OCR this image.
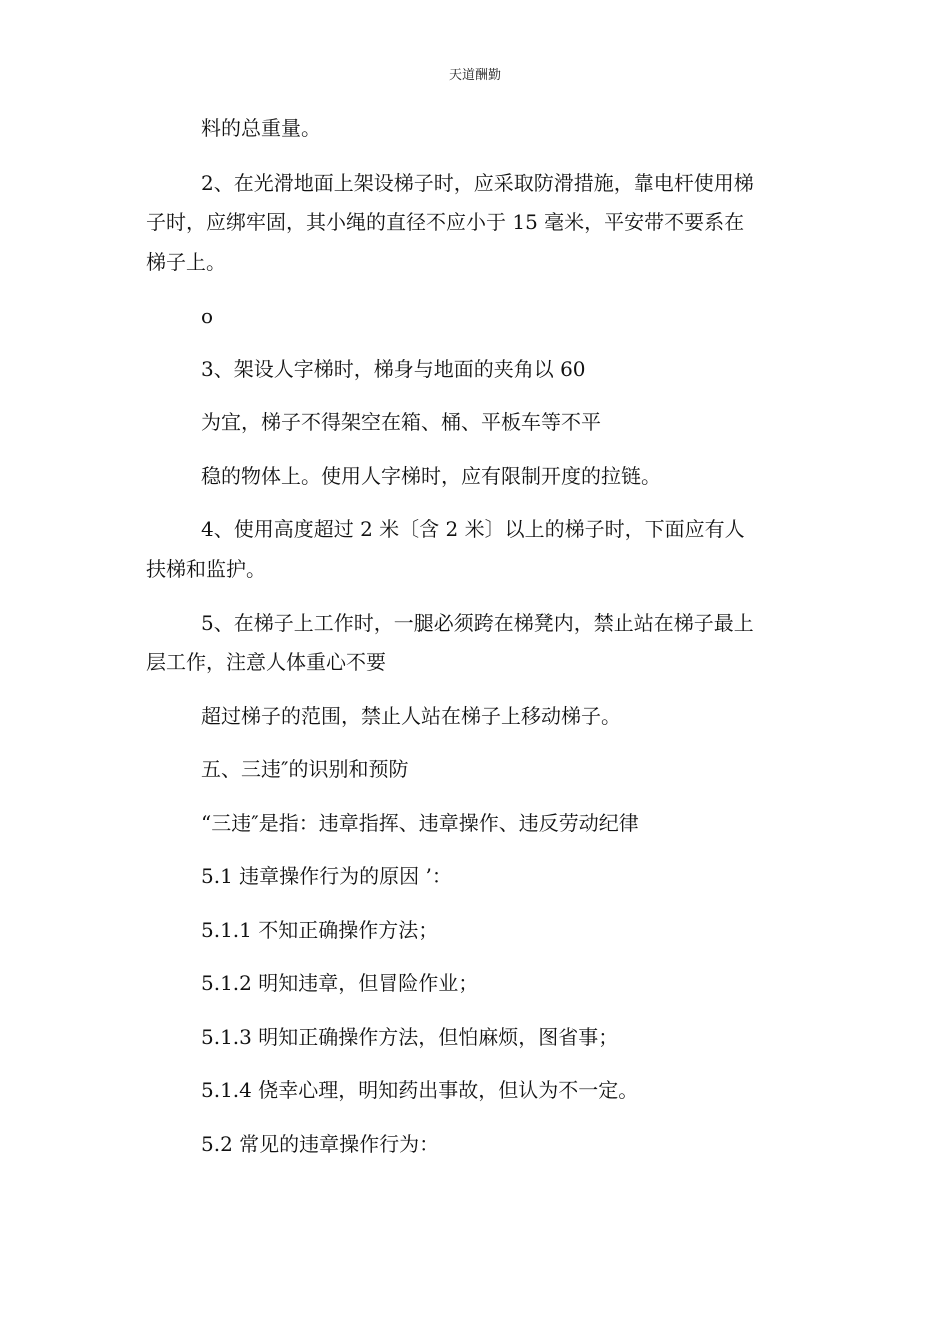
天道酬勤
料的总重量。
2、在光滑地面上架设梯子时，应采取防滑措施，靠电杆使用梯
子时，应绑牢固，其小绳的直径不应小于 15 毫米，平安带不要系在
梯子上。
o
3、架设人字梯时，梯身与地面的夹角以 60
为宜，梯子不得架空在箱、桶、平板车等不平
稳的物体上。使用人字梯时，应有限制开度的拉链。
4、使用高度超过 2 米〔含 2 米〕以上的梯子时，下面应有人
扶梯和监护。
5、在梯子上工作时，一腿必须跨在梯凳内，禁止站在梯子最上
层工作，注意人体重心不要
超过梯子的范围，禁止人站在梯子上移动梯子。
五、三违″的识别和预防
“三违″是指：违章指挥、违章操作、违反劳动纪律
5.1 违章操作行为的原因 ’：
5.1.1 不知正确操作方法；
5.1.2 明知违章，但冒险作业；
5.1.3 明知正确操作方法，但怕麻烦，图省事；
5.1.4 侥幸心理，明知药出事故，但认为不一定。
5.2 常见的违章操作行为：
